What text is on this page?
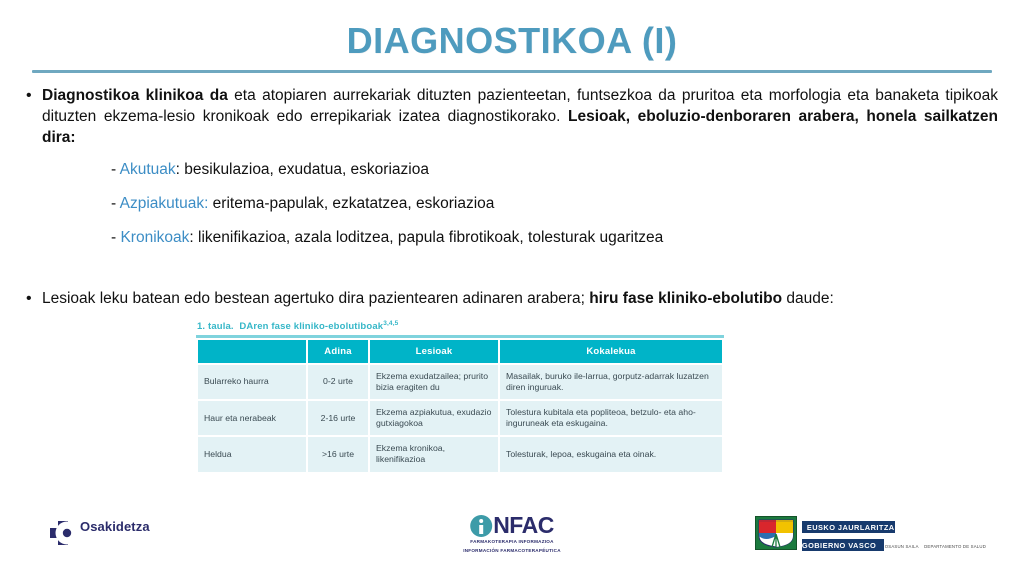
DIAGNOSTIKOA (I)
• Diagnostikoa klinikoa da eta atopiaren aurrekariak dituzten pazienteetan, funtsezkoa da pruritoa eta morfologia eta banaketa tipikoak dituzten ekzema-lesio kronikoak edo errepikariak izatea diagnostikorako. Lesioak, eboluzio-denboraren arabera, honela sailkatzen dira:
- Akutuak: besikulazioa, exudatua, eskoriazioa
- Azpiakutuak: eritema-papulak, ezkatatzea, eskoriazioa
- Kronikoak: likenifikazioa, azala loditzea, papula fibrotikoak, tolesturak ugaritzea
• Lesioak leku batean edo bestean agertuko dira pazientearen adinaren arabera; hiru fase kliniko-ebolutibo daude:
1. taula. DAren fase kliniko-ebolutiboak$^{3,4,5}$
	Adina	Lesioak	Kokalekua
Bularreko haurra	0-2 urte	Ekzema exudatzailea; prurito bizia eragiten du	Masailak, buruko ile-larrua, gorputz-adarrak luzatzen diren inguruak.
Haur eta nerabeak	2-16 urte	Ekzema azpiakutua, exudazio gutxiagokoa	Tolestura kubitala eta popliteoa, betzulo- eta aho-inguruneak eta eskugaina.
Heldua	>16 urte	Ekzema kronikoa, likenifikazioa	Tolesturak, lepoa, eskugaina eta oinak.
Osakidetza	NFAC
FARMAKOTERAPIA INFORMAZIOA
INFORMACIÓN FARMACOTERAPÉUTICA
EUSKO JAURLARITZA
GOBIERNO VASCO OSASUN SAILA DEPARTAMENTO DE SALUD
